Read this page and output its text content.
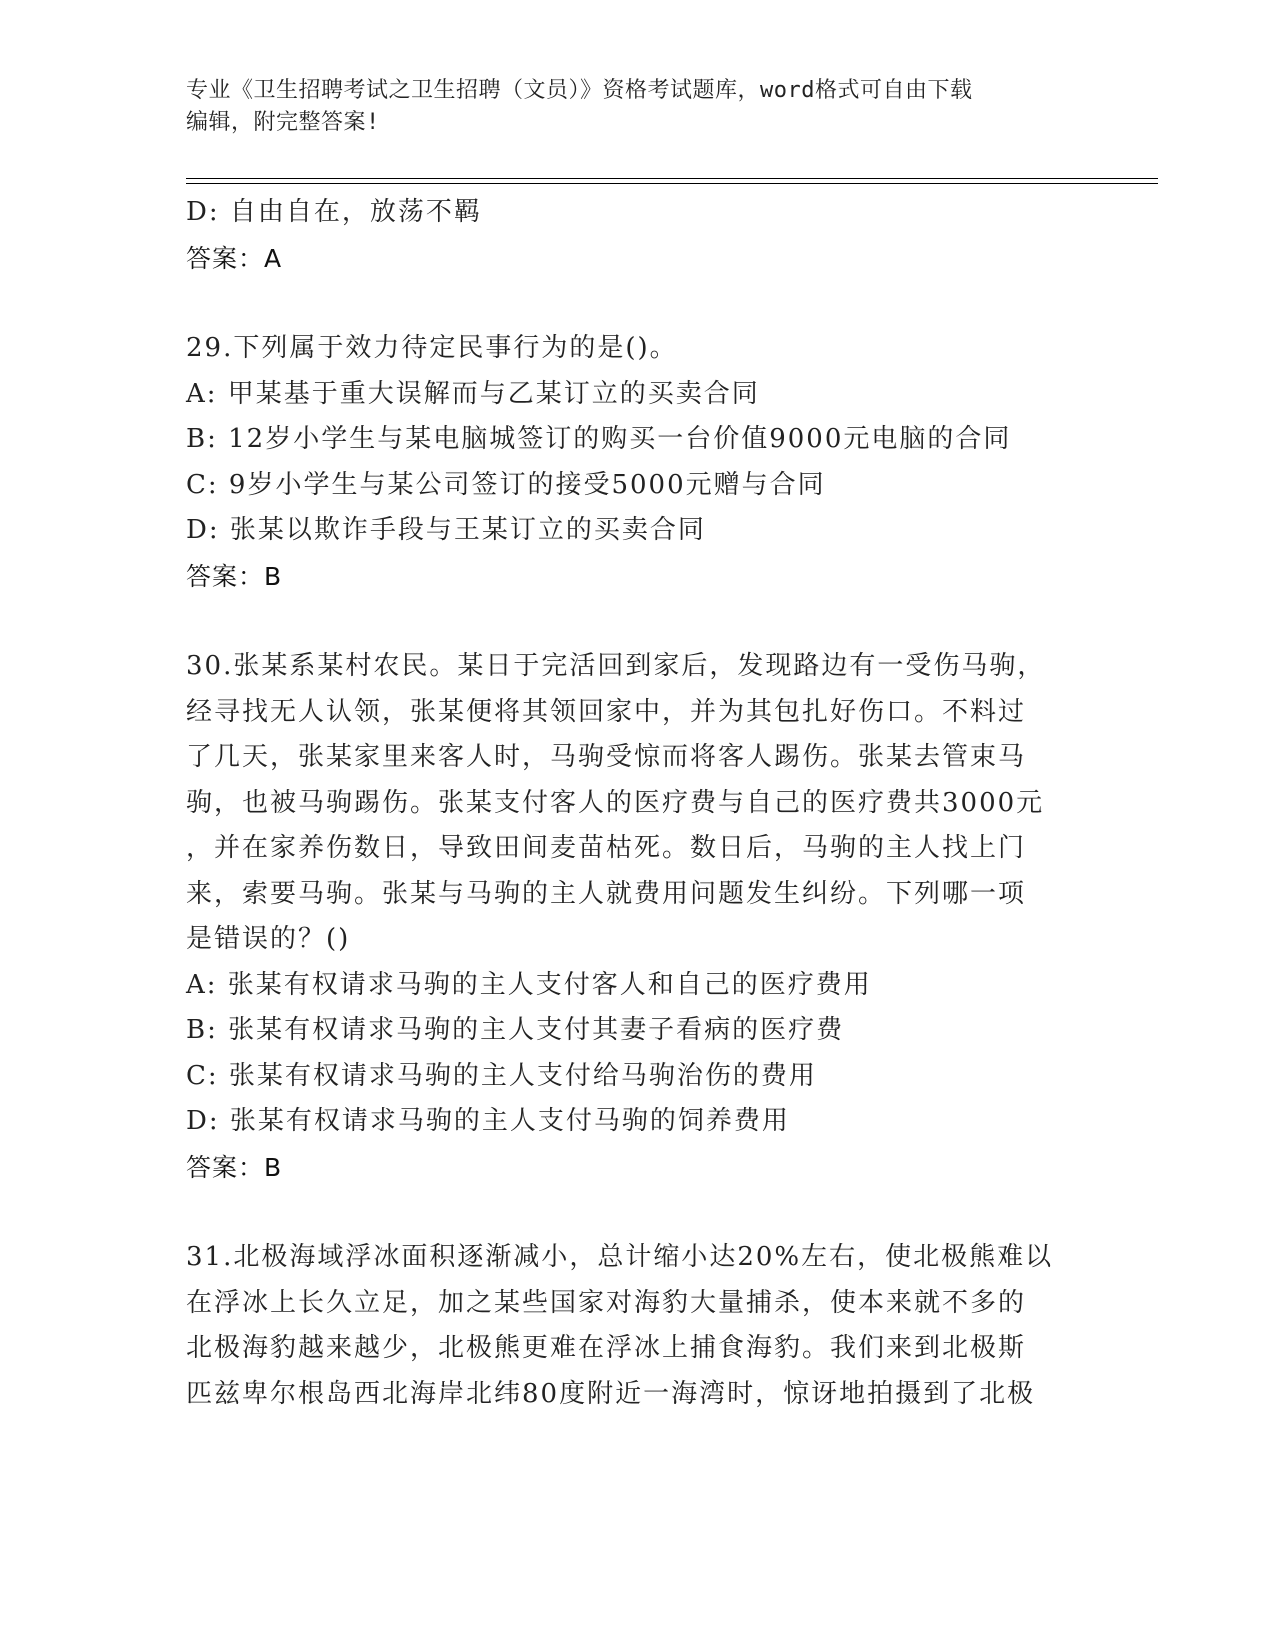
专业《卫生招聘考试之卫生招聘（文员）》资格考试题库，word格式可自由下载
编辑，附完整答案!
D: 自由自在，放荡不羁
答案：A
29.下列属于效力待定民事行为的是()。
A: 甲某基于重大误解而与乙某订立的买卖合同
B: 12岁小学生与某电脑城签订的购买一台价值9000元电脑的合同
C: 9岁小学生与某公司签订的接受5000元赠与合同
D: 张某以欺诈手段与王某订立的买卖合同
答案：B
30.张某系某村农民。某日于完活回到家后，发现路边有一受伤马驹，
经寻找无人认领，张某便将其领回家中，并为其包扎好伤口。不料过
了几天，张某家里来客人时，马驹受惊而将客人踢伤。张某去管束马
驹，也被马驹踢伤。张某支付客人的医疗费与自己的医疗费共3000元
，并在家养伤数日，导致田间麦苗枯死。数日后，马驹的主人找上门
来，索要马驹。张某与马驹的主人就费用问题发生纠纷。下列哪一项
是错误的？()
A: 张某有权请求马驹的主人支付客人和自己的医疗费用
B: 张某有权请求马驹的主人支付其妻子看病的医疗费
C: 张某有权请求马驹的主人支付给马驹治伤的费用
D: 张某有权请求马驹的主人支付马驹的饲养费用
答案：B
31.北极海域浮冰面积逐渐减小，总计缩小达20%左右，使北极熊难以
在浮冰上长久立足，加之某些国家对海豹大量捕杀，使本来就不多的
北极海豹越来越少，北极熊更难在浮冰上捕食海豹。我们来到北极斯
匹兹卑尔根岛西北海岸北纬80度附近一海湾时，惊讶地拍摄到了北极
